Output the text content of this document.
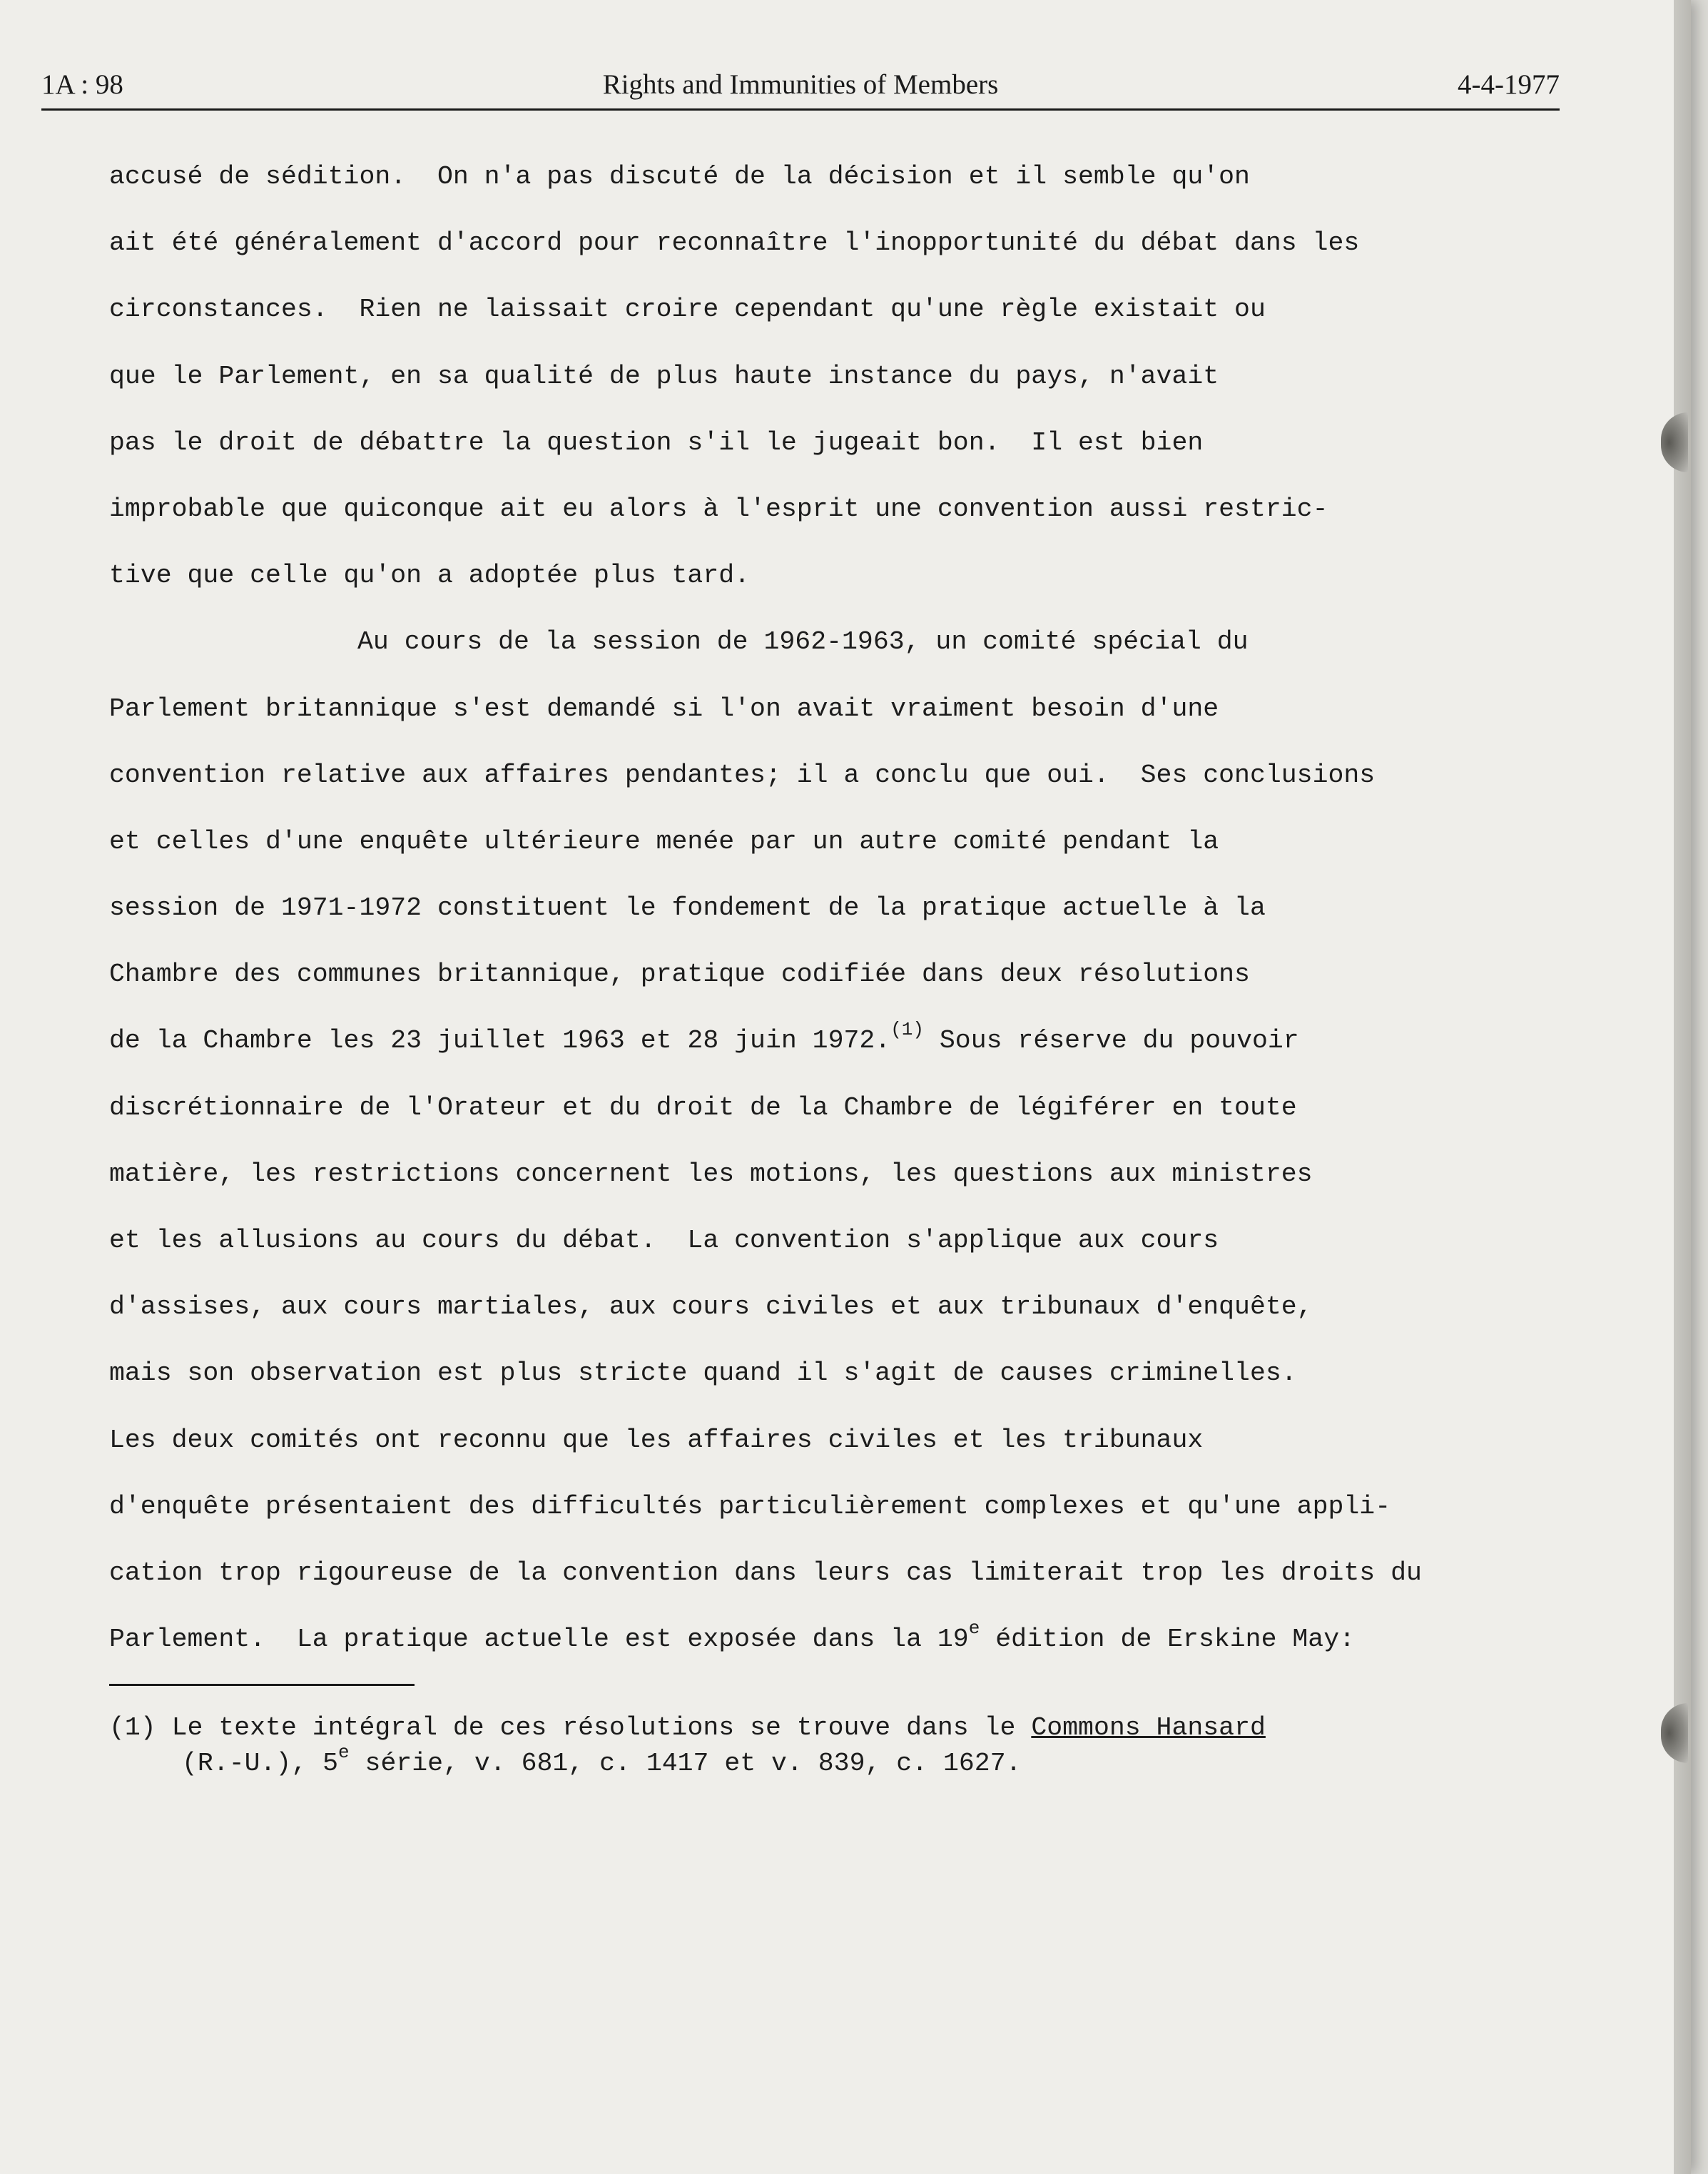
1A : 98	Rights and Immunities of Members	4-4-1977
accusé de sédition.  On n'a pas discuté de la décision et il semble qu'on
ait été généralement d'accord pour reconnaître l'inopportunité du débat dans les
circonstances.  Rien ne laissait croire cependant qu'une règle existait ou
que le Parlement, en sa qualité de plus haute instance du pays, n'avait
pas le droit de débattre la question s'il le jugeait bon.  Il est bien
improbable que quiconque ait eu alors à l'esprit une convention aussi restric-
tive que celle qu'on a adoptée plus tard.
Au cours de la session de 1962-1963, un comité spécial du
Parlement britannique s'est demandé si l'on avait vraiment besoin d'une
convention relative aux affaires pendantes; il a conclu que oui.  Ses conclusions
et celles d'une enquête ultérieure menée par un autre comité pendant la
session de 1971-1972 constituent le fondement de la pratique actuelle à la
Chambre des communes britannique, pratique codifiée dans deux résolutions
de la Chambre les 23 juillet 1963 et 28 juin 1972.$^{(1)}$ Sous réserve du pouvoir
discrétionnaire de l'Orateur et du droit de la Chambre de légiférer en toute
matière, les restrictions concernent les motions, les questions aux ministres
et les allusions au cours du débat.  La convention s'applique aux cours
d'assises, aux cours martiales, aux cours civiles et aux tribunaux d'enquête,
mais son observation est plus stricte quand il s'agit de causes criminelles.
Les deux comités ont reconnu que les affaires civiles et les tribunaux
d'enquête présentaient des difficultés particulièrement complexes et qu'une appli-
cation trop rigoureuse de la convention dans leurs cas limiterait trop les droits du
Parlement.  La pratique actuelle est exposée dans la 19e édition de Erskine May:
(1) Le texte intégral de ces résolutions se trouve dans le Commons Hansard
(R.-U.), 5e série, v. 681, c. 1417 et v. 839, c. 1627.
